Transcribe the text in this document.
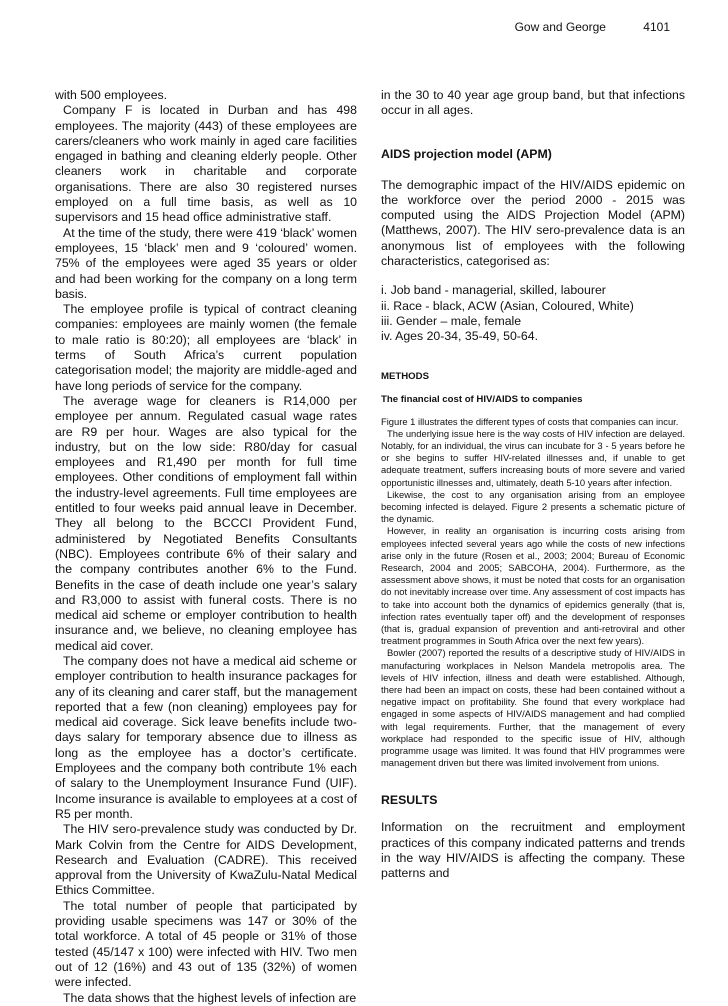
Gow and George	4101

with 500 employees.

Company F is located in Durban and has 498 employees. The majority (443) of these employees are carers/cleaners who work mainly in aged care facilities engaged in bathing and cleaning elderly people. Other cleaners work in charitable and corporate organisations. There are also 30 registered nurses employed on a full time basis, as well as 10 supervisors and 15 head office administrative staff.

At the time of the study, there were 419 ‘black’ women employees, 15 ‘black’ men and 9 ‘coloured’ women. 75% of the employees were aged 35 years or older and had been working for the company on a long term basis.

The employee profile is typical of contract cleaning companies: employees are mainly women (the female to male ratio is 80:20); all employees are ‘black’ in terms of South Africa’s current population categorisation model; the majority are middle-aged and have long periods of service for the company.

The average wage for cleaners is R14,000 per employee per annum. Regulated casual wage rates are R9 per hour. Wages are also typical for the industry, but on the low side: R80/day for casual employees and R1,490 per month for full time employees. Other conditions of employment fall within the industry-level agreements. Full time employees are entitled to four weeks paid annual leave in December. They all belong to the BCCCI Provident Fund, administered by Negotiated Benefits Consultants (NBC). Employees contribute 6% of their salary and the company contributes another 6% to the Fund. Benefits in the case of death include one year’s salary and R3,000 to assist with funeral costs. There is no medical aid scheme or employer contribution to health insurance and, we believe, no cleaning employee has medical aid cover.

The company does not have a medical aid scheme or employer contribution to health insurance packages for any of its cleaning and carer staff, but the management reported that a few (non cleaning) employees pay for medical aid coverage. Sick leave benefits include two-days salary for temporary absence due to illness as long as the employee has a doctor’s certificate. Employees and the company both contribute 1% each of salary to the Unemployment Insurance Fund (UIF). Income insurance is available to employees at a cost of R5 per month.

The HIV sero-prevalence study was conducted by Dr. Mark Colvin from the Centre for AIDS Development, Research and Evaluation (CADRE). This received approval from the University of KwaZulu-Natal Medical Ethics Committee.

The total number of people that participated by providing usable specimens was 147 or 30% of the total workforce. A total of 45 people or 31% of those tested (45/147 x 100) were infected with HIV. Two men out of 12 (16%) and 43 out of 135 (32%) of women were infected.

The data shows that the highest levels of infection are

in the 30 to 40 year age group band, but that infections occur in all ages.

AIDS projection model (APM)

The demographic impact of the HIV/AIDS epidemic on the workforce over the period 2000 - 2015 was computed using the AIDS Projection Model (APM) (Matthews, 2007). The HIV sero-prevalence data is an anonymous list of employees with the following characteristics, categorised as:

i. Job band - managerial, skilled, labourer
ii. Race - black, ACW (Asian, Coloured, White)
iii. Gender – male, female
iv. Ages 20-34, 35-49, 50-64.
METHODS
The financial cost of HIV/AIDS to companies

Figure 1 illustrates the different types of costs that companies can incur.

The underlying issue here is the way costs of HIV infection are delayed. Notably, for an individual, the virus can incubate for 3 - 5 years before he or she begins to suffer HIV-related illnesses and, if unable to get adequate treatment, suffers increasing bouts of more severe and varied opportunistic illnesses and, ultimately, death 5-10 years after infection.

Likewise, the cost to any organisation arising from an employee becoming infected is delayed. Figure 2 presents a schematic picture of the dynamic.

However, in reality an organisation is incurring costs arising from employees infected several years ago while the costs of new infections arise only in the future (Rosen et al., 2003; 2004; Bureau of Economic Research, 2004 and 2005; SABCOHA, 2004). Furthermore, as the assessment above shows, it must be noted that costs for an organisation do not inevitably increase over time. Any assessment of cost impacts has to take into account both the dynamics of epidemics generally (that is, infection rates eventually taper off) and the development of responses (that is, gradual expansion of prevention and anti-retroviral and other treatment programmes in South Africa over the next few years).

Bowler (2007) reported the results of a descriptive study of HIV/AIDS in manufacturing workplaces in Nelson Mandela metropolis area. The levels of HIV infection, illness and death were established. Although, there had been an impact on costs, these had been contained without a negative impact on profitability. She found that every workplace had engaged in some aspects of HIV/AIDS management and had complied with legal requirements. Further, that the management of every workplace had responded to the specific issue of HIV, although programme usage was limited. It was found that HIV programmes were management driven but there was limited involvement from unions.

RESULTS

Information on the recruitment and employment practices of this company indicated patterns and trends in the way HIV/AIDS is affecting the company. These patterns and
